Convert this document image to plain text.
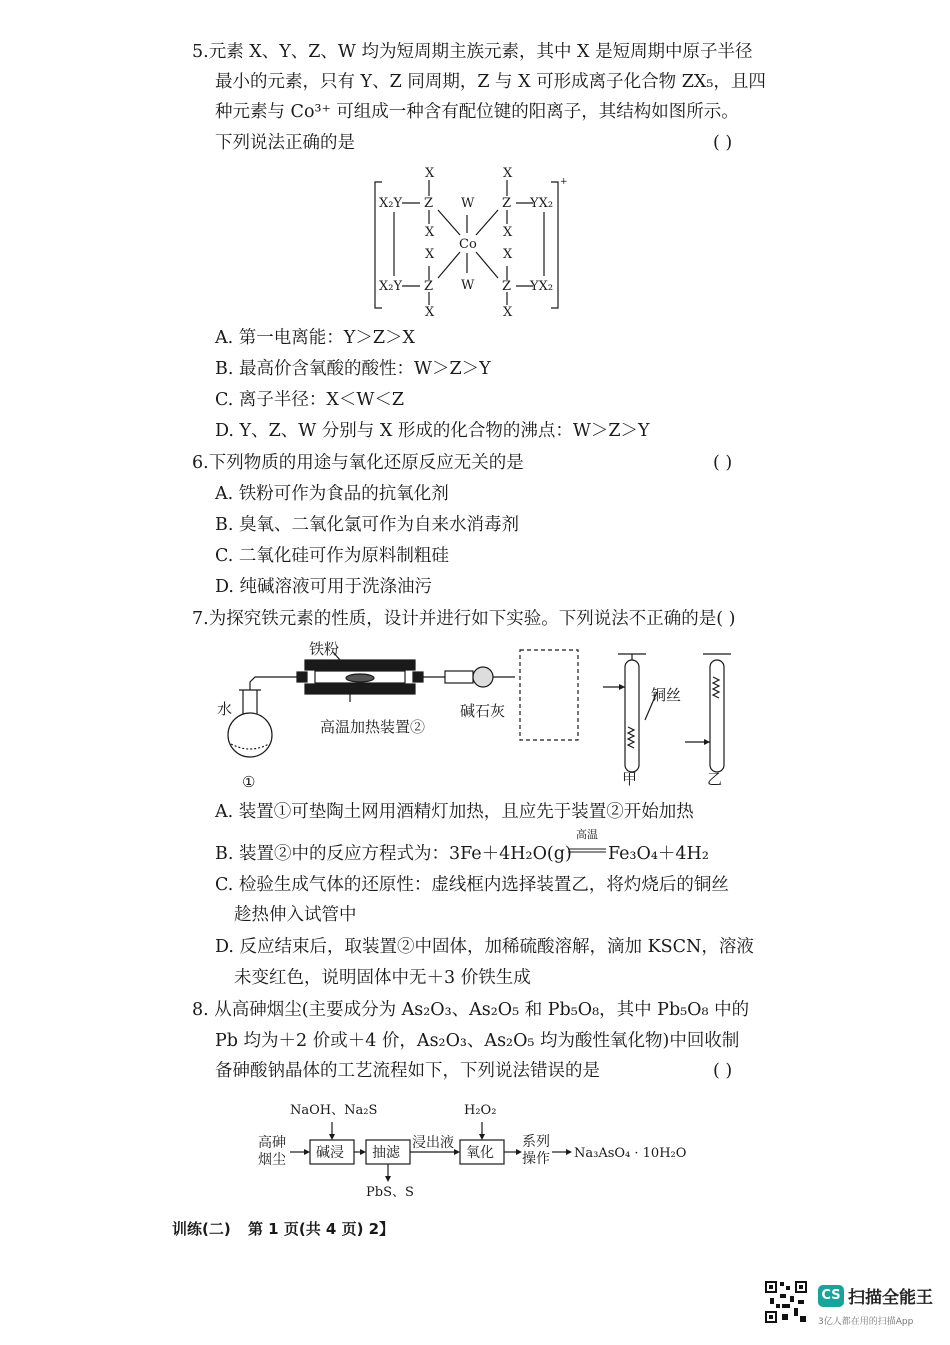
5.元素 X、Y、Z、W 均为短周期主族元素，其中 X 是短周期中原子半径
最小的元素，只有 Y、Z 同周期，Z 与 X 可形成离子化合物 ZX₅，且四
种元素与 Co³⁺ 可组成一种含有配位键的阳离子，其结构如图所示。
下列说法正确的是	( )
X	X
X₂Y Z W Z YX₂
+
X	X
Co
X	X
X₂Y Z W Z YX₂
X	X
A. 第一电离能：Y＞Z＞X
B. 最高价含氧酸的酸性：W＞Z＞Y
C. 离子半径：X＜W＜Z
D. Y、Z、W 分别与 X 形成的化合物的沸点：W＞Z＞Y
6.下列物质的用途与氧化还原反应无关的是	( )
A. 铁粉可作为食品的抗氧化剂
B. 臭氧、二氧化氯可作为自来水消毒剂
C. 二氧化硅可作为原料制粗硅
D. 纯碱溶液可用于洗涤油污
7.为探究铁元素的性质，设计并进行如下实验。下列说法不正确的是( )
铁粉
水
高温加热装置②
碱石灰
①
铜丝
甲	乙
A. 装置①可垫陶土网用酒精灯加热，且应先于装置②开始加热
B. 装置②中的反应方程式为：3Fe＋4H₂O(g) Fe₃O₄＋4H₂
高温
C. 检验生成气体的还原性：虚线框内选择装置乙，将灼烧后的铜丝
趁热伸入试管中
D. 反应结束后，取装置②中固体，加稀硫酸溶解，滴加 KSCN，溶液
未变红色，说明固体中无＋3 价铁生成
8. 从高砷烟尘(主要成分为 As₂O₃、As₂O₅ 和 Pb₅O₈，其中 Pb₅O₈ 中的
Pb 均为＋2 价或＋4 价，As₂O₃、As₂O₅ 均为酸性氧化物)中回收制
备砷酸钠晶体的工艺流程如下，下列说法错误的是	( )
高砷
烟尘
NaOH、Na₂S
碱浸 抽滤
PbS、S
浸出液
H₂O₂
氧化
系列
操作 Na₃AsO₄ · 10H₂O
训练(二) 第 1 页(共 4 页) 2】
CS 扫描全能王
3亿人都在用的扫描App
